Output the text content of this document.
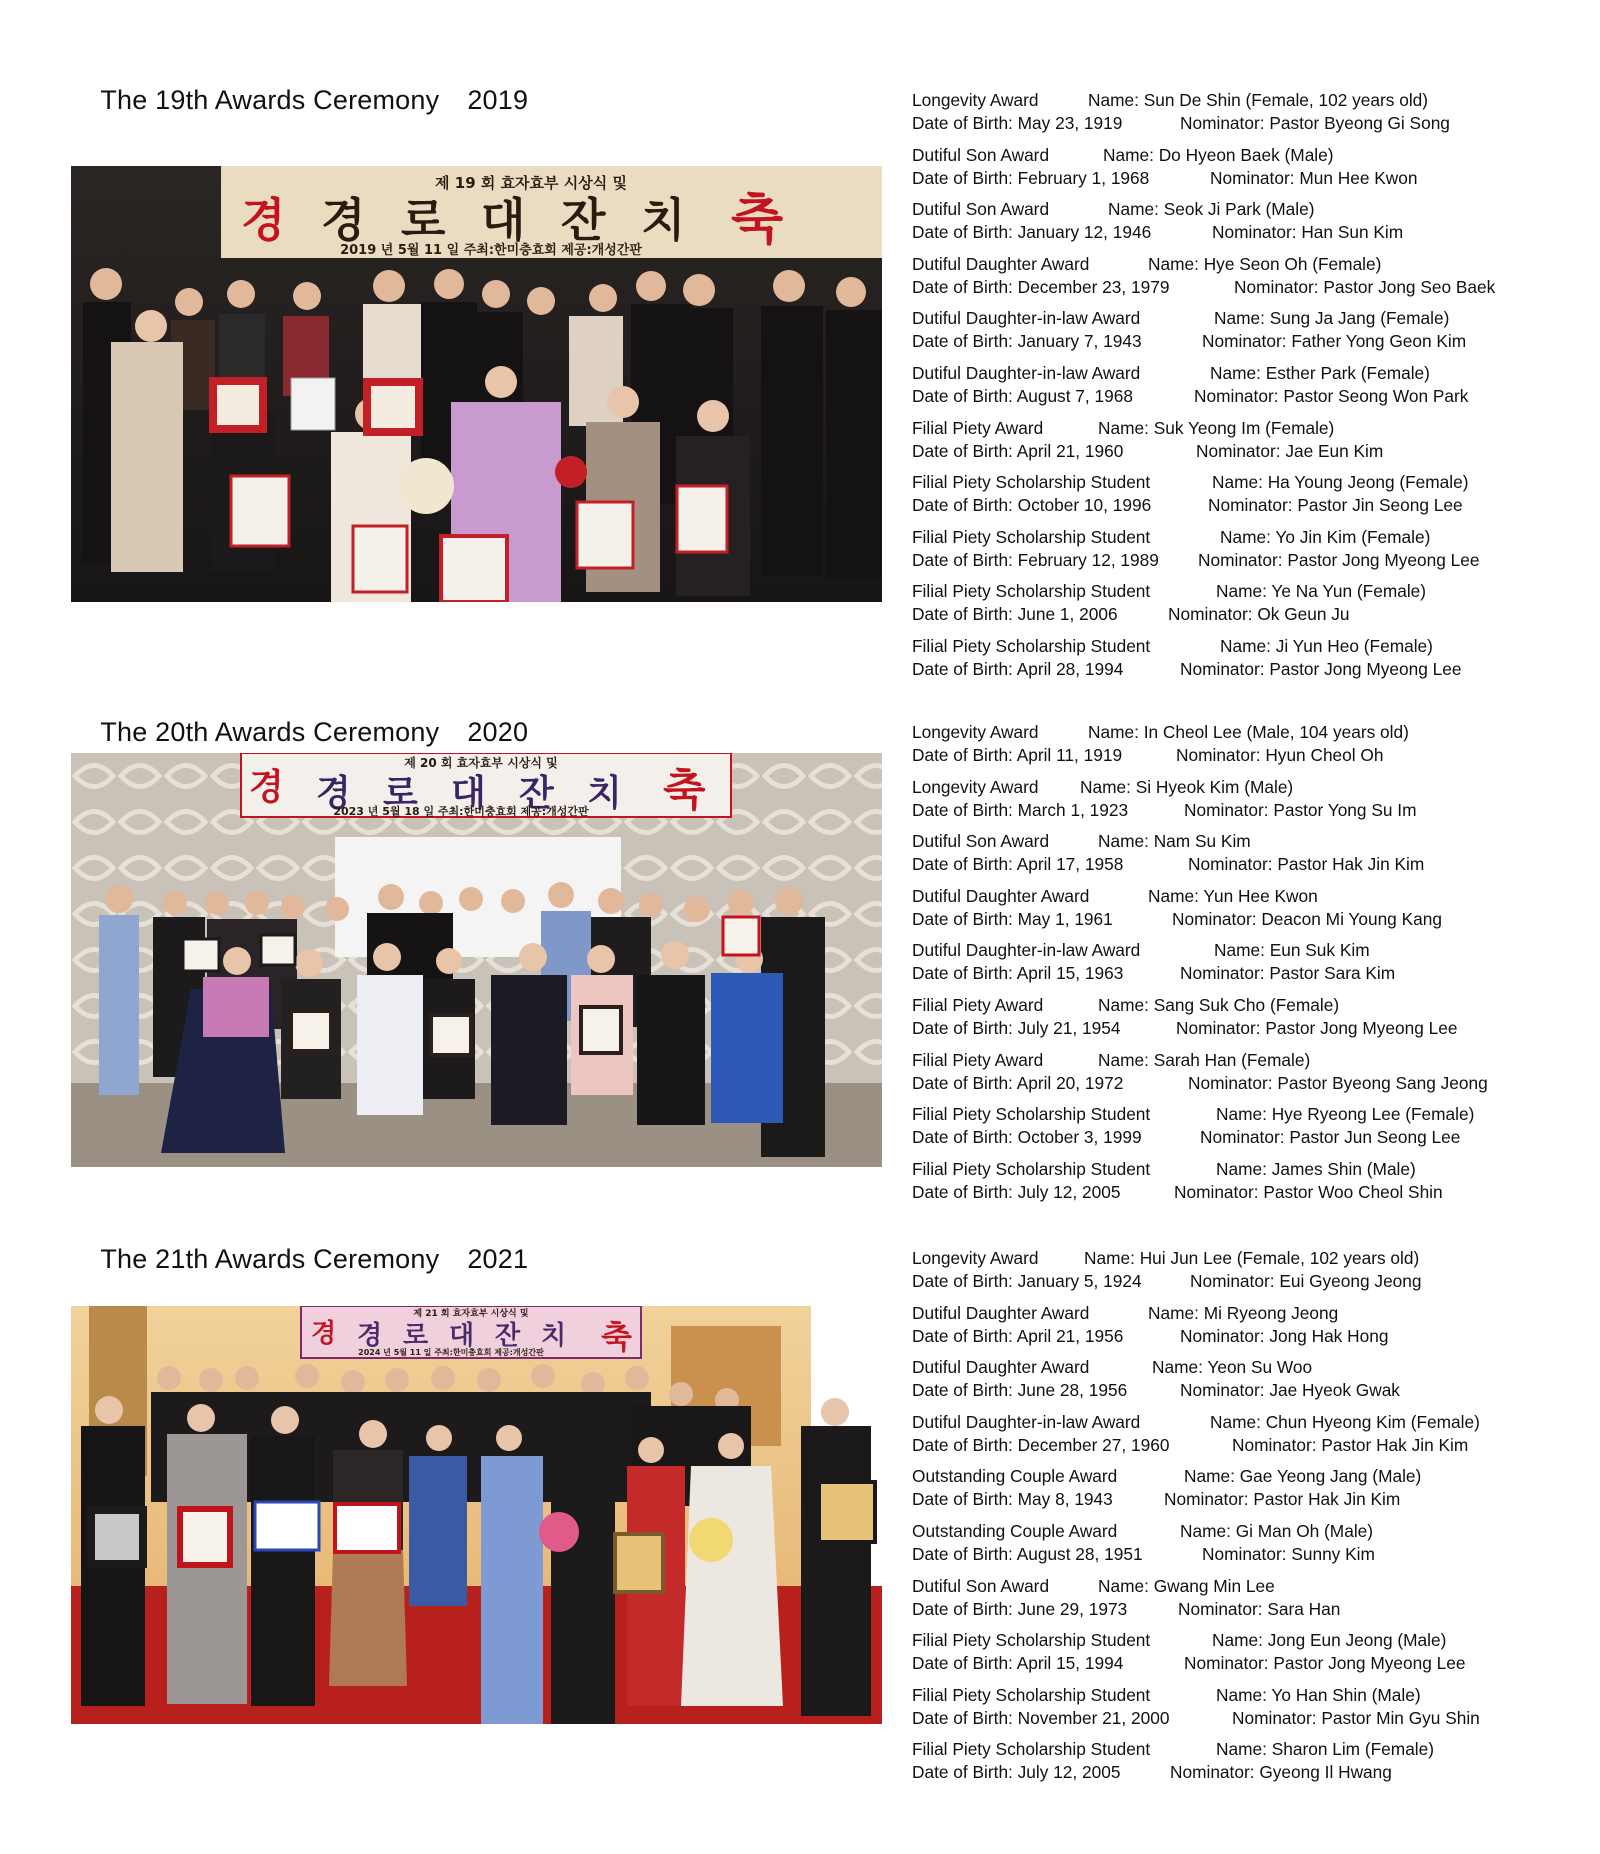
The 19th Awards Ceremony 2019

제 19 회 효자효부 시상식 및
경 경 로 대 잔 치 축
2019 년 5월 11 일 주최:한미충효회 제공:개성간판
Longevity Award	Name: Sun De Shin (Female, 102 years old)
Date of Birth: May 23, 1919	Nominator: Pastor Byeong Gi Song
Dutiful Son Award	Name: Do Hyeon Baek (Male)
Date of Birth: February 1, 1968	Nominator: Mun Hee Kwon
Dutiful Son Award	Name: Seok Ji Park (Male)
Date of Birth: January 12, 1946	Nominator: Han Sun Kim
Dutiful Daughter Award	Name: Hye Seon Oh (Female)
Date of Birth: December 23, 1979	Nominator: Pastor Jong Seo Baek
Dutiful Daughter-in-law Award	Name: Sung Ja Jang (Female)
Date of Birth: January 7, 1943	Nominator: Father Yong Geon Kim
Dutiful Daughter-in-law Award	Name: Esther Park (Female)
Date of Birth: August 7, 1968	Nominator: Pastor Seong Won Park
Filial Piety Award	Name: Suk Yeong Im (Female)
Date of Birth: April 21, 1960	Nominator: Jae Eun Kim
Filial Piety Scholarship Student	Name: Ha Young Jeong (Female)
Date of Birth: October 10, 1996	Nominator: Pastor Jin Seong Lee
Filial Piety Scholarship Student	Name: Yo Jin Kim (Female)
Date of Birth: February 12, 1989 Nominator: Pastor Jong Myeong Lee
Filial Piety Scholarship Student	Name: Ye Na Yun (Female)
Date of Birth: June 1, 2006	Nominator: Ok Geun Ju
Filial Piety Scholarship Student	Name: Ji Yun Heo (Female)
Date of Birth: April 28, 1994	Nominator: Pastor Jong Myeong Lee

The 20th Awards Ceremony 2020

제 20 회 효자효부 시상식 및
경 경 로 대 잔 치 축
2023 년 5월 18 일 주최:한미충효회 제공:개성간판
Longevity Award	Name: In Cheol Lee (Male, 104 years old)
Date of Birth: April 11, 1919	Nominator: Hyun Cheol Oh
Longevity Award Name: Si Hyeok Kim (Male)
Date of Birth: March 1, 1923	Nominator: Pastor Yong Su Im
Dutiful Son Award	Name: Nam Su Kim
Date of Birth: April 17, 1958	Nominator: Pastor Hak Jin Kim
Dutiful Daughter Award	Name: Yun Hee Kwon
Date of Birth: May 1, 1961	Nominator: Deacon Mi Young Kang
Dutiful Daughter-in-law Award	Name: Eun Suk Kim
Date of Birth: April 15, 1963	Nominator: Pastor Sara Kim
Filial Piety Award	Name: Sang Suk Cho (Female)
Date of Birth: July 21, 1954	Nominator: Pastor Jong Myeong Lee
Filial Piety Award	Name: Sarah Han (Female)
Date of Birth: April 20, 1972	Nominator: Pastor Byeong Sang Jeong
Filial Piety Scholarship Student	Name: Hye Ryeong Lee (Female)
Date of Birth: October 3, 1999	Nominator: Pastor Jun Seong Lee
Filial Piety Scholarship Student	Name: James Shin (Male)
Date of Birth: July 12, 2005	Nominator: Pastor Woo Cheol Shin

The 21th Awards Ceremony 2021

제 21 회 효자효부 시상식 및
경 경 로 대 잔 치 축
2024 년 5월 11 일 주최:한미충효회 제공:개성간판
Longevity Award	Name: Hui Jun Lee (Female, 102 years old)
Date of Birth: January 5, 1924	Nominator: Eui Gyeong Jeong
Dutiful Daughter Award	Name: Mi Ryeong Jeong
Date of Birth: April 21, 1956	Nominator: Jong Hak Hong
Dutiful Daughter Award	Name: Yeon Su Woo
Date of Birth: June 28, 1956	Nominator: Jae Hyeok Gwak
Dutiful Daughter-in-law Award	Name: Chun Hyeong Kim (Female)
Date of Birth: December 27, 1960	Nominator: Pastor Hak Jin Kim
Outstanding Couple Award	Name: Gae Yeong Jang (Male)
Date of Birth: May 8, 1943	Nominator: Pastor Hak Jin Kim
Outstanding Couple Award	Name: Gi Man Oh (Male)
Date of Birth: August 28, 1951	Nominator: Sunny Kim
Dutiful Son Award	Name: Gwang Min Lee
Date of Birth: June 29, 1973	Nominator: Sara Han
Filial Piety Scholarship Student	Name: Jong Eun Jeong (Male)
Date of Birth: April 15, 1994	Nominator: Pastor Jong Myeong Lee
Filial Piety Scholarship Student	Name: Yo Han Shin (Male)
Date of Birth: November 21, 2000	Nominator: Pastor Min Gyu Shin
Filial Piety Scholarship Student	Name: Sharon Lim (Female)
Date of Birth: July 12, 2005	Nominator: Gyeong Il Hwang
